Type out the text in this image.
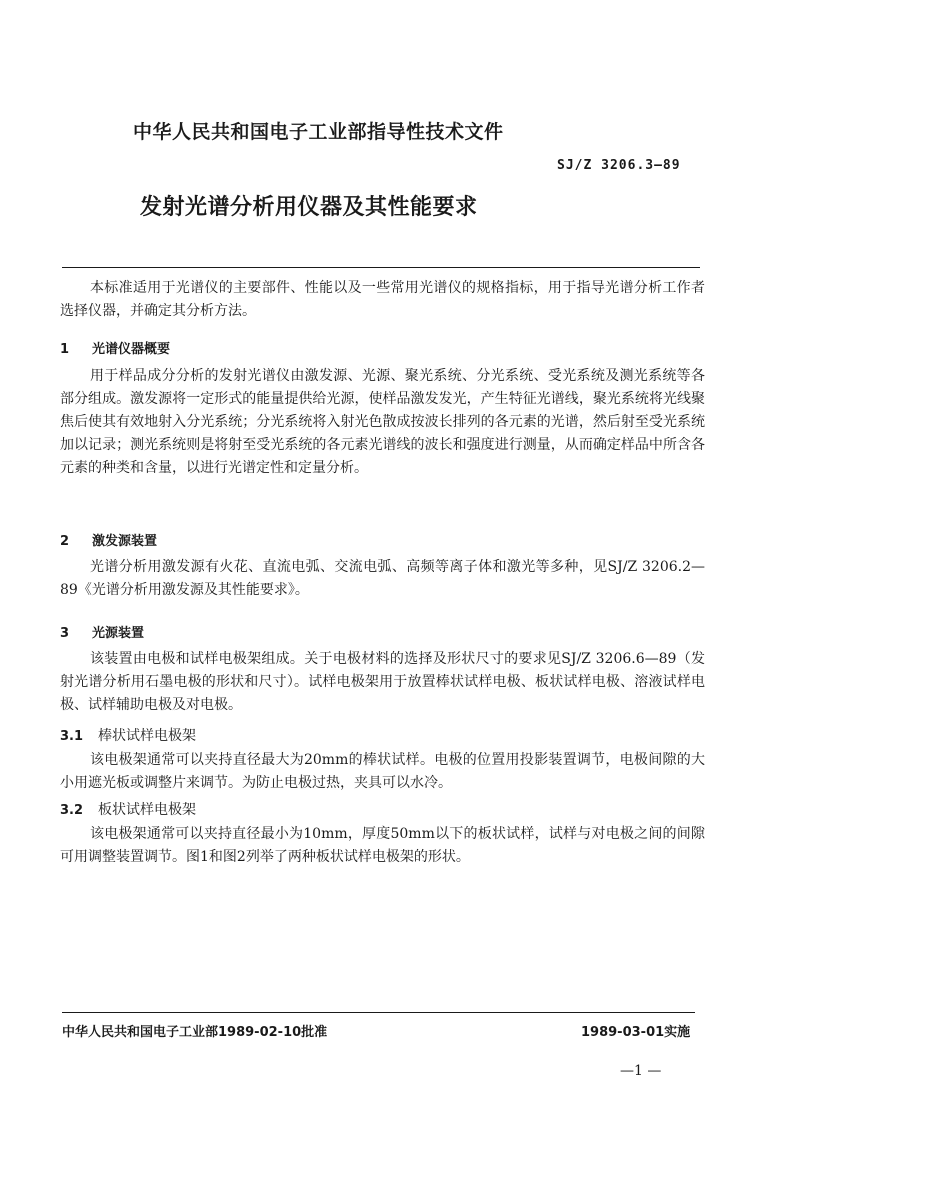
中华人民共和国电子工业部指导性技术文件
SJ/Z 3206.3—89
发射光谱分析用仪器及其性能要求
本标准适用于光谱仪的主要部件、性能以及一些常用光谱仪的规格指标，用于指导光谱分析工作者选择仪器，并确定其分析方法。
1 光谱仪器概要
用于样品成分分析的发射光谱仪由激发源、光源、聚光系统、分光系统、受光系统及测光系统等各部分组成。激发源将一定形式的能量提供给光源，使样品激发发光，产生特征光谱线，聚光系统将光线聚焦后使其有效地射入分光系统；分光系统将入射光色散成按波长排列的各元素的光谱，然后射至受光系统加以记录；测光系统则是将射至受光系统的各元素光谱线的波长和强度进行测量，从而确定样品中所含各元素的种类和含量，以进行光谱定性和定量分析。
2 激发源装置
光谱分析用激发源有火花、直流电弧、交流电弧、高频等离子体和激光等多种，见SJ/Z 3206.2—89《光谱分析用激发源及其性能要求》。
3 光源装置
该装置由电极和试样电极架组成。关于电极材料的选择及形状尺寸的要求见SJ/Z 3206.6—89（发射光谱分析用石墨电极的形状和尺寸）。试样电极架用于放置棒状试样电极、板状试样电极、溶液试样电极、试样辅助电极及对电极。
3.1 棒状试样电极架
该电极架通常可以夹持直径最大为20mm的棒状试样。电极的位置用投影装置调节，电极间隙的大小用遮光板或调整片来调节。为防止电极过热，夹具可以水冷。
3.2 板状试样电极架
该电极架通常可以夹持直径最小为10mm，厚度50mm以下的板状试样，试样与对电极之间的间隙可用调整装置调节。图1和图2列举了两种板状试样电极架的形状。
中华人民共和国电子工业部1989-02-10批准	1989-03-01实施
—1 —
